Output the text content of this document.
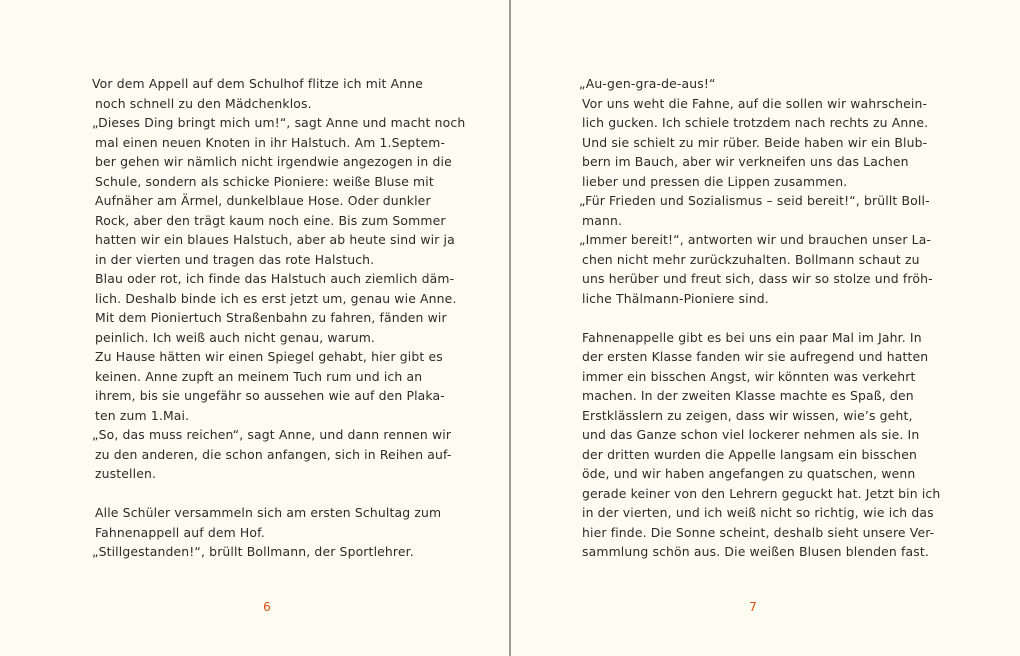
Vor dem Appell auf dem Schulhof flitze ich mit Anne
noch schnell zu den Mädchenklos.
„Dieses Ding bringt mich um!“, sagt Anne und macht noch
mal einen neuen Knoten in ihr Halstuch. Am 1.Septem-
ber gehen wir nämlich nicht irgendwie angezogen in die
Schule, sondern als schicke Pioniere: weiße Bluse mit
Aufnäher am Ärmel, dunkelblaue Hose. Oder dunkler
Rock, aber den trägt kaum noch eine. Bis zum Sommer
hatten wir ein blaues Halstuch, aber ab heute sind wir ja
in der vierten und tragen das rote Halstuch.
Blau oder rot, ich finde das Halstuch auch ziemlich däm-
lich. Deshalb binde ich es erst jetzt um, genau wie Anne.
Mit dem Pioniertuch Straßenbahn zu fahren, fänden wir
peinlich. Ich weiß auch nicht genau, warum.
Zu Hause hätten wir einen Spiegel gehabt, hier gibt es
keinen. Anne zupft an meinem Tuch rum und ich an
ihrem, bis sie ungefähr so aussehen wie auf den Plaka-
ten zum 1.Mai.
„So, das muss reichen“, sagt Anne, und dann rennen wir
zu den anderen, die schon anfangen, sich in Reihen auf-
zustellen.
Alle Schüler versammeln sich am ersten Schultag zum
Fahnenappell auf dem Hof.
„Stillgestanden!“, brüllt Bollmann, der Sportlehrer.
6
„Au-gen-gra-de-aus!“
Vor uns weht die Fahne, auf die sollen wir wahrschein-
lich gucken. Ich schiele trotzdem nach rechts zu Anne.
Und sie schielt zu mir rüber. Beide haben wir ein Blub-
bern im Bauch, aber wir verkneifen uns das Lachen
lieber und pressen die Lippen zusammen.
„Für Frieden und Sozialismus – seid bereit!“, brüllt Boll-
mann.
„Immer bereit!“, antworten wir und brauchen unser La-
chen nicht mehr zurückzuhalten. Bollmann schaut zu
uns herüber und freut sich, dass wir so stolze und fröh-
liche Thälmann-Pioniere sind.
Fahnenappelle gibt es bei uns ein paar Mal im Jahr. In
der ersten Klasse fanden wir sie aufregend und hatten
immer ein bisschen Angst, wir könnten was verkehrt
machen. In der zweiten Klasse machte es Spaß, den
Erstklässlern zu zeigen, dass wir wissen, wie’s geht,
und das Ganze schon viel lockerer nehmen als sie. In
der dritten wurden die Appelle langsam ein bisschen
öde, und wir haben angefangen zu quatschen, wenn
gerade keiner von den Lehrern geguckt hat. Jetzt bin ich
in der vierten, und ich weiß nicht so richtig, wie ich das
hier finde. Die Sonne scheint, deshalb sieht unsere Ver-
sammlung schön aus. Die weißen Blusen blenden fast.
7
